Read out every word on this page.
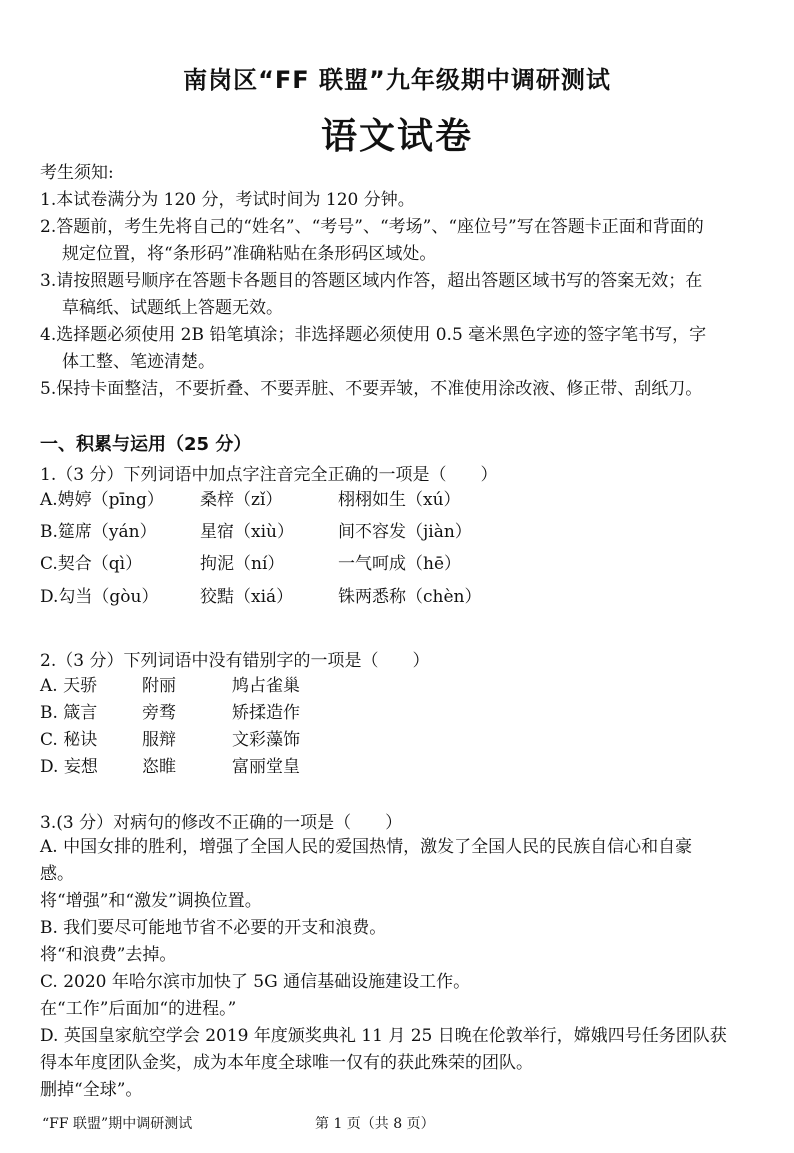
南岗区“FF 联盟”九年级期中调研测试
语文试卷
考生须知:
1.本试卷满分为 120 分，考试时间为 120 分钟。
2.答题前，考生先将自己的“姓名”、“考号”、“考场”、“座位号”写在答题卡正面和背面的
规定位置，将“条形码”准确粘贴在条形码区域处。
3.请按照题号顺序在答题卡各题目的答题区域内作答，超出答题区域书写的答案无效；在
草稿纸、试题纸上答题无效。
4.选择题必须使用 2B 铅笔填涂；非选择题必须使用 0.5 毫米黑色字迹的签字笔书写，字
体工整、笔迹清楚。
5.保持卡面整洁，不要折叠、不要弄脏、不要弄皱，不准使用涂改液、修正带、刮纸刀。
一、积累与运用（25 分）
1.（3 分）下列词语中加点字注音完全正确的一项是（　　）
A.娉婷（pīng） 桑梓（zǐ）	栩栩如生（xú）
B.筵席（yán）	星宿（xiù）	间不容发（jiàn）
C.契合（qì）	拘泥（ní）	一气呵成（hē）
D.勾当（gòu） 狡黠（xiá）	铢两悉称（chèn）
2.（3 分）下列词语中没有错别字的一项是（　　）
A. 天骄	附丽	鸠占雀巢
B. 箴言	旁骛	矫揉造作
C. 秘诀	服辩	文彩藻饰
D. 妄想	恣睢	富丽堂皇
3.(3 分）对病句的修改不正确的一项是（　　）
A. 中国女排的胜利，增强了全国人民的爱国热情，激发了全国人民的民族自信心和自豪
感。
将“增强”和“激发”调换位置。
B. 我们要尽可能地节省不必要的开支和浪费。
将“和浪费”去掉。
C. 2020 年哈尔滨市加快了 5G 通信基础设施建设工作。
在“工作”后面加“的进程。”
D. 英国皇家航空学会 2019 年度颁奖典礼 11 月 25 日晚在伦敦举行，嫦娥四号任务团队获
得本年度团队金奖，成为本年度全球唯一仅有的获此殊荣的团队。
删掉“全球”。
“FF 联盟”期中调研测试	第 1 页（共 8 页）
